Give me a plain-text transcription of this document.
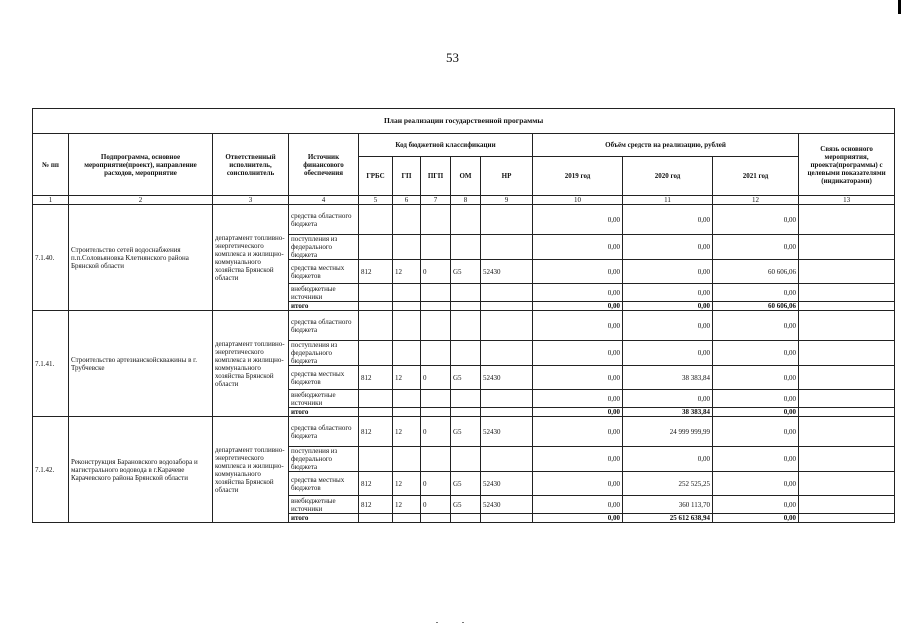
53
План реализации государственной программы												
№ пп	Подпрограмма, основное мероприятие(проект), направление расходов, мероприятие	Ответственный исполнитель, соисполнитель	Источник финансового обеспечения	Код бюджетной классификации					Объём средств на реализацию, рублей			Связь основного мероприятия, проекта(программы) с целевыми показателями (индикаторами)
				ГРБС	ГП	ПГП	ОМ	НР	2019 год	2020 год	2021 год	
1	2	3	4	5	6	7	8	9	10	11	12	13
7.1.40.	Строительство сетей водоснабжения п.п.Соловьяновка Клетнянского района Брянской области	департамент топливно-энергетического комплекса и жилищно-коммунального хозяйства Брянской области	средства областного бюджета						0,00	0,00	0,00	
			поступления из федерального бюджета						0,00	0,00	0,00	
			средства местных бюджетов	812	12	0	G5	52430	0,00	0,00	60 606,06	
			внебюджетные источники						0,00	0,00	0,00	
			итого						0,00	0,00	60 606,06	
7.1.41.	Строительство артезианскойскважины в г. Трубчевске	департамент топливно-энергетического комплекса и жилищно-коммунального хозяйства Брянской области	средства областного бюджета						0,00	0,00	0,00	
			поступления из федерального бюджета						0,00	0,00	0,00	
			средства местных бюджетов	812	12	0	G5	52430	0,00	38 383,84	0,00	
			внебюджетные источники						0,00	0,00	0,00	
			итого						0,00	38 383,84	0,00	
7.1.42.	Реконструкция Барановского водозабора и магистрального водовода в г.Карачеве Карачевского района Брянской области	департамент топливно-энергетического комплекса и жилищно-коммунального хозяйства Брянской области	средства областного бюджета	812	12	0	G5	52430	0,00	24 999 999,99	0,00	
			поступления из федерального бюджета						0,00	0,00	0,00	
			средства местных бюджетов	812	12	0	G5	52430	0,00	252 525,25	0,00	
			внебюджетные источники	812	12	0	G5	52430	0,00	360 113,70	0,00	
			итого						0,00	25 612 638,94	0,00	
